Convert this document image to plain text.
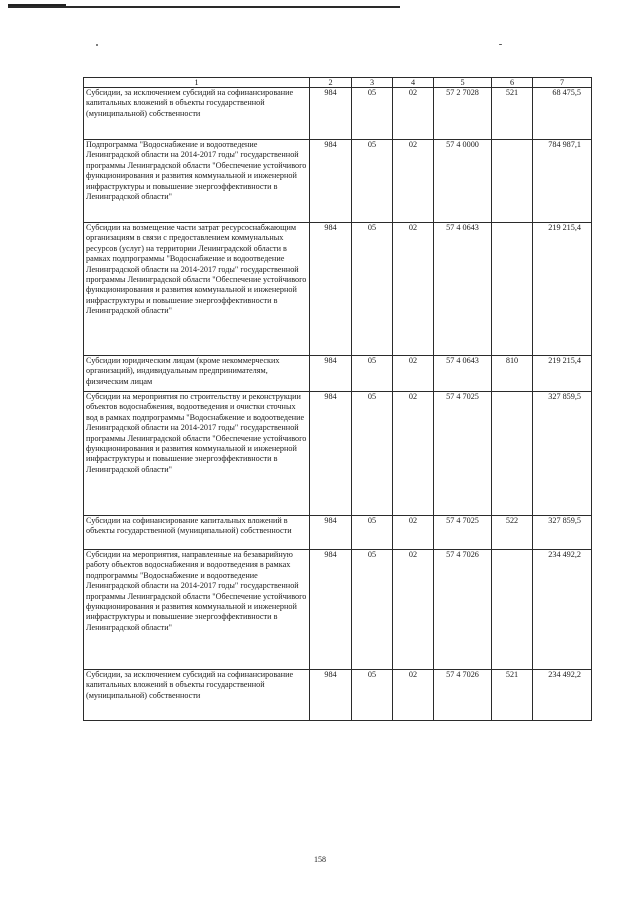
1	2	3	4	5	6	7
Субсидии, за исключением субсидий на софинансирование капитальных вложений в объекты государственной (муниципальной) собственности	984	05	02	57 2 7028	521	68 475,5
Подпрограмма "Водоснабжение и водоотведение Ленинградской области на 2014-2017 годы" государственной программы Ленинградской области "Обеспечение устойчивого функционирования и развития коммунальной и инженерной инфраструктуры и повышение энергоэффективности в Ленинградской области"	984	05	02	57 4 0000		784 987,1
Субсидии на возмещение части затрат ресурсоснабжающим организациям в связи с предоставлением коммунальных ресурсов (услуг) на территории Ленинградской области в рамках подпрограммы "Водоснабжение и водоотведение Ленинградской области на 2014-2017 годы" государственной программы Ленинградской области "Обеспечение устойчивого функционирования и развития коммунальной и инженерной инфраструктуры и повышение энергоэффективности в Ленинградской области"	984	05	02	57 4 0643		219 215,4
Субсидии юридическим лицам (кроме некоммерческих организаций), индивидуальным предпринимателям, физическим лицам	984	05	02	57 4 0643	810	219 215,4
Субсидии на мероприятия по строительству и реконструкции объектов водоснабжения, водоотведения и очистки сточных вод в рамках подпрограммы "Водоснабжение и водоотведение Ленинградской области на 2014-2017 годы" государственной программы Ленинградской области "Обеспечение устойчивого функционирования и развития коммунальной и инженерной инфраструктуры и повышение энергоэффективности в Ленинградской области"	984	05	02	57 4 7025		327 859,5
Субсидии на софинансирование капитальных вложений в объекты государственной (муниципальной) собственности	984	05	02	57 4 7025	522	327 859,5
Субсидии на мероприятия, направленные на безаварийную работу объектов водоснабжения и водоотведения в рамках подпрограммы "Водоснабжение и водоотведение Ленинградской области на 2014-2017 годы" государственной программы Ленинградской области "Обеспечение устойчивого функционирования и развития коммунальной и инженерной инфраструктуры и повышение энергоэффективности в Ленинградской области"	984	05	02	57 4 7026		234 492,2
Субсидии, за исключением субсидий на софинансирование капитальных вложений в объекты государственной (муниципальной) собственности	984	05	02	57 4 7026	521	234 492,2
158
